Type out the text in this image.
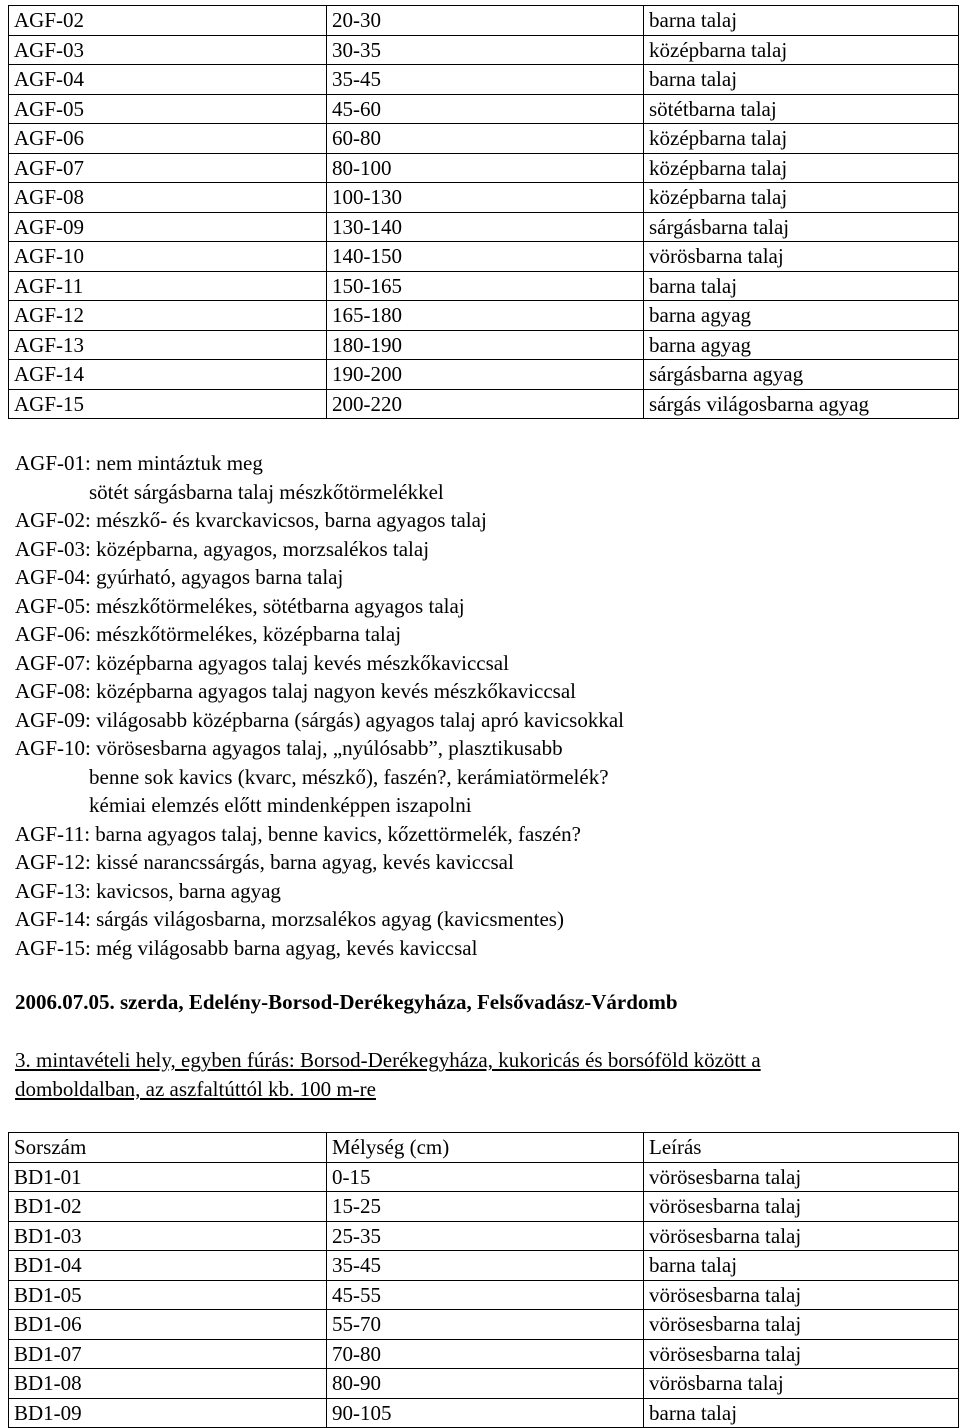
AGF-02	20-30	barna talaj
AGF-03	30-35	középbarna talaj
AGF-04	35-45	barna talaj
AGF-05	45-60	sötétbarna talaj
AGF-06	60-80	középbarna talaj
AGF-07	80-100	középbarna talaj
AGF-08	100-130	középbarna talaj
AGF-09	130-140	sárgásbarna talaj
AGF-10	140-150	vörösbarna talaj
AGF-11	150-165	barna talaj
AGF-12	165-180	barna agyag
AGF-13	180-190	barna agyag
AGF-14	190-200	sárgásbarna agyag
AGF-15	200-220	sárgás világosbarna agyag
AGF-01: nem mintáztuk meg
sötét sárgásbarna talaj mészkőtörmelékkel
AGF-02: mészkő- és kvarckavicsos, barna agyagos talaj
AGF-03: középbarna, agyagos, morzsalékos talaj
AGF-04: gyúrható, agyagos barna talaj
AGF-05: mészkőtörmelékes, sötétbarna agyagos talaj
AGF-06: mészkőtörmelékes, középbarna talaj
AGF-07: középbarna agyagos talaj kevés mészkőkaviccsal
AGF-08: középbarna agyagos talaj nagyon kevés mészkőkaviccsal
AGF-09: világosabb középbarna (sárgás) agyagos talaj apró kavicsokkal
AGF-10: vörösesbarna agyagos talaj, „nyúlósabb”, plasztikusabb
benne sok kavics (kvarc, mészkő), faszén?, kerámiatörmelék?
kémiai elemzés előtt mindenképpen iszapolni
AGF-11: barna agyagos talaj, benne kavics, kőzettörmelék, faszén?
AGF-12: kissé narancssárgás, barna agyag, kevés kaviccsal
AGF-13: kavicsos, barna agyag
AGF-14: sárgás világosbarna, morzsalékos agyag (kavicsmentes)
AGF-15: még világosabb barna agyag, kevés kaviccsal
2006.07.05. szerda, Edelény-Borsod-Derékegyháza, Felsővadász-Várdomb
3. mintavételi hely, egyben fúrás: Borsod-Derékegyháza, kukoricás és borsóföld között a
domboldalban, az aszfaltúttól kb. 100 m-re
Sorszám	Mélység (cm)	Leírás
BD1-01	0-15	vörösesbarna talaj
BD1-02	15-25	vörösesbarna talaj
BD1-03	25-35	vörösesbarna talaj
BD1-04	35-45	barna talaj
BD1-05	45-55	vörösesbarna talaj
BD1-06	55-70	vörösesbarna talaj
BD1-07	70-80	vörösesbarna talaj
BD1-08	80-90	vörösbarna talaj
BD1-09	90-105	barna talaj
